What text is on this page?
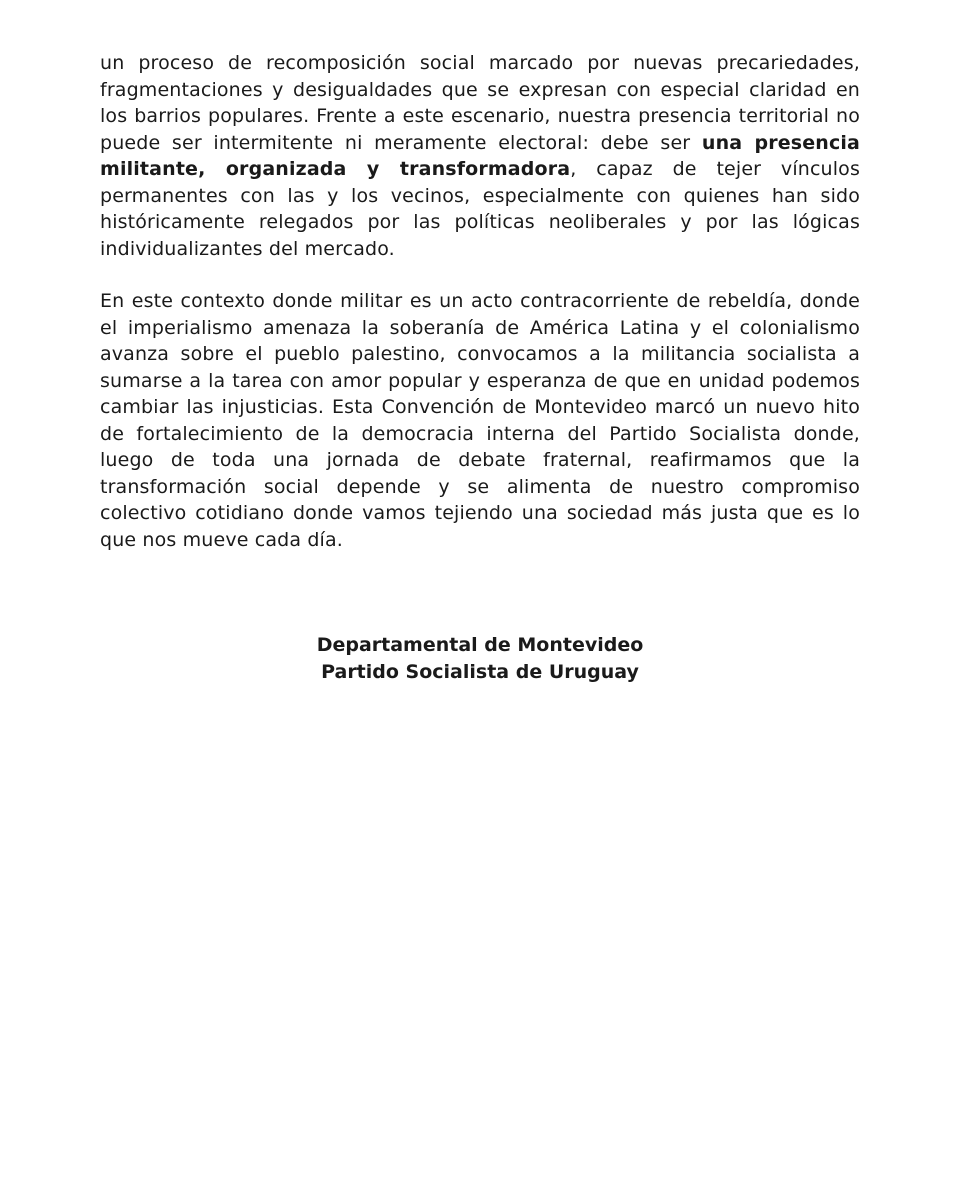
un proceso de recomposición social marcado por nuevas precariedades, fragmentaciones y desigualdades que se expresan con especial claridad en los barrios populares. Frente a este escenario, nuestra presencia territorial no puede ser intermitente ni meramente electoral: debe ser una presencia militante, organizada y transformadora, capaz de tejer vínculos permanentes con las y los vecinos, especialmente con quienes han sido históricamente relegados por las políticas neoliberales y por las lógicas individualizantes del mercado.

En este contexto donde militar es un acto contracorriente de rebeldía, donde el imperialismo amenaza la soberanía de América Latina y el colonialismo avanza sobre el pueblo palestino, convocamos a la militancia socialista a sumarse a la tarea con amor popular y esperanza de que en unidad podemos cambiar las injusticias. Esta Convención de Montevideo marcó un nuevo hito de fortalecimiento de la democracia interna del Partido Socialista donde, luego de toda una jornada de debate fraternal, reafirmamos que la transformación social depende y se alimenta de nuestro compromiso colectivo cotidiano donde vamos tejiendo una sociedad más justa que es lo que nos mueve cada día.

Departamental de Montevideo
Partido Socialista de Uruguay
